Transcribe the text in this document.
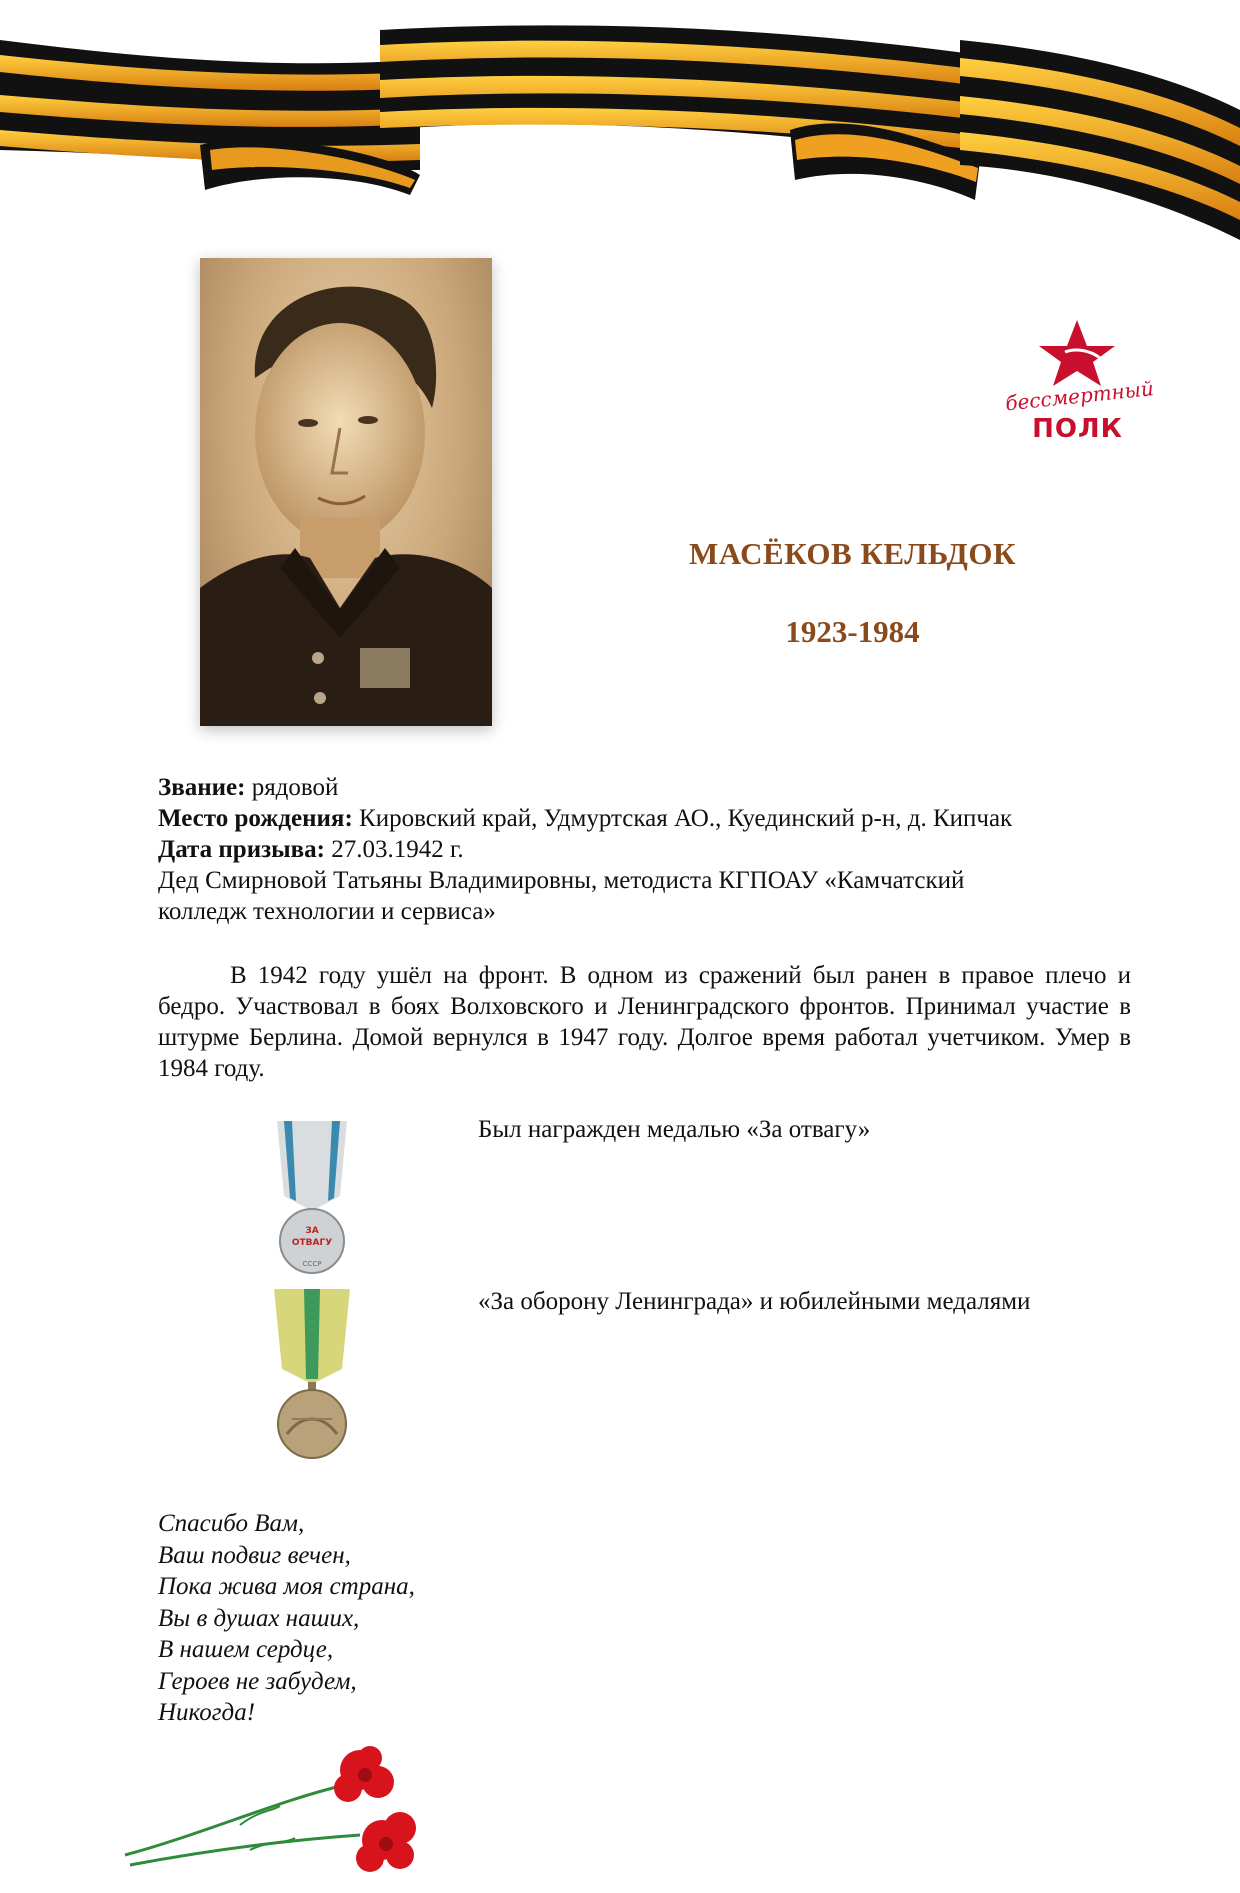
бессмертный
ПОЛК
МАСЁКОВ КЕЛЬДОК
1923-1984
Звание: рядовой
Место рождения: Кировский край, Удмуртская АО., Куединский р-н, д. Кипчак
Дата призыва: 27.03.1942 г.
Дед Смирновой Татьяны Владимировны, методиста КГПОАУ «Камчатский
колледж технологии и сервиса»
В 1942 году ушёл на фронт. В одном из сражений был ранен в правое плечо и бедро. Участвовал в боях Волховского и Ленинградского фронтов. Принимал участие в штурме Берлина. Домой вернулся в 1947 году. Долгое время работал учетчиком. Умер в 1984 году.
ЗА
ОТВАГУ
СССР
Был награжден медалью «За отвагу»
«За оборону Ленинграда» и юбилейными медалями
Спасибо Вам,
Ваш подвиг вечен,
Пока жива моя страна,
Вы в душах наших,
В нашем сердце,
Героев не забудем,
Никогда!
